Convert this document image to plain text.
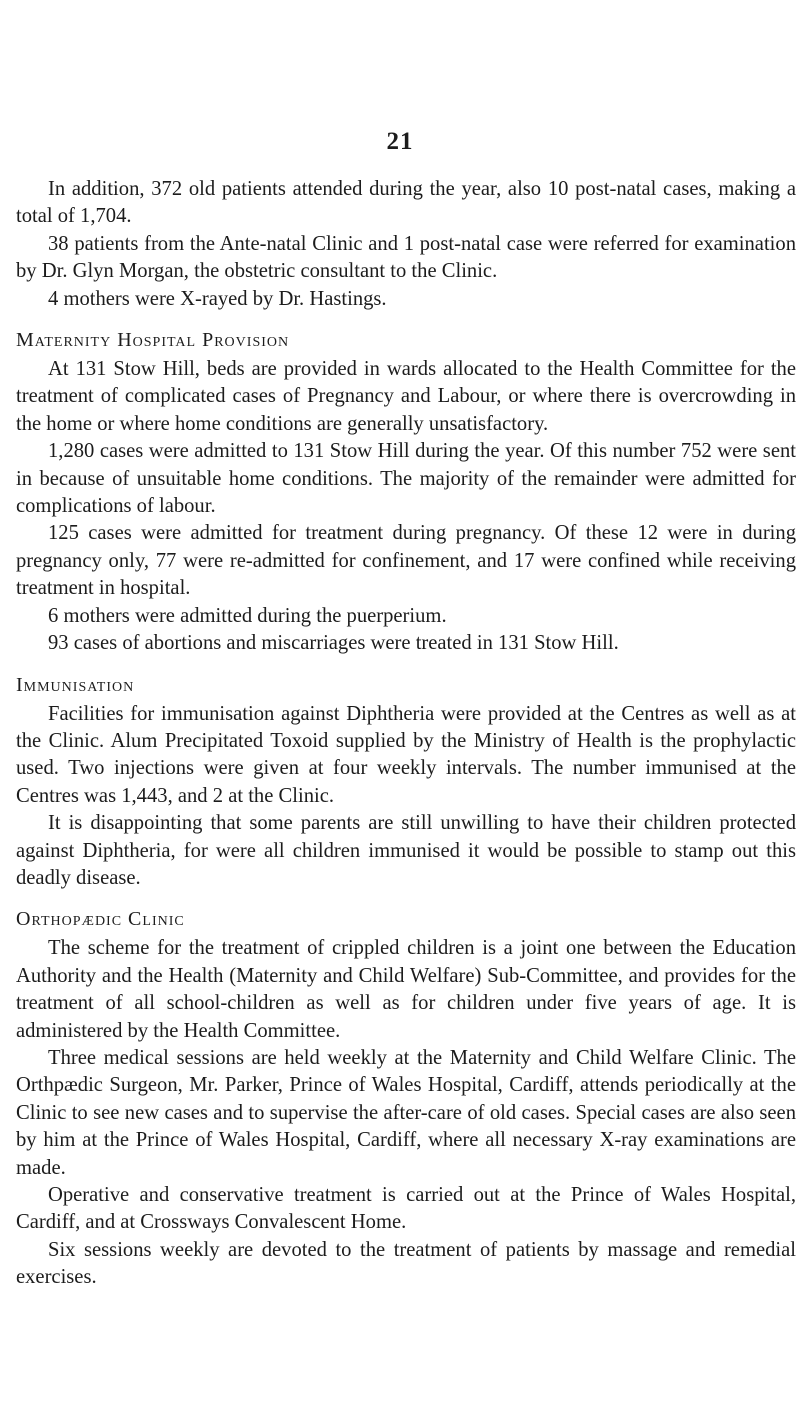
21

In addition, 372 old patients attended during the year, also 10 post-natal cases, making a total of 1,704.

38 patients from the Ante-natal Clinic and 1 post-natal case were referred for examination by Dr. Glyn Morgan, the obstetric consultant to the Clinic.

4 mothers were X-rayed by Dr. Hastings.

Maternity Hospital Provision

At 131 Stow Hill, beds are provided in wards allocated to the Health Committee for the treatment of complicated cases of Pregnancy and Labour, or where there is overcrowding in the home or where home conditions are generally unsatisfactory.

1,280 cases were admitted to 131 Stow Hill during the year. Of this number 752 were sent in because of unsuitable home conditions. The majority of the remainder were admitted for complications of labour.

125 cases were admitted for treatment during pregnancy. Of these 12 were in during pregnancy only, 77 were re-admitted for confinement, and 17 were confined while receiving treatment in hospital.

6 mothers were admitted during the puerperium.

93 cases of abortions and miscarriages were treated in 131 Stow Hill.

Immunisation

Facilities for immunisation against Diphtheria were provided at the Centres as well as at the Clinic. Alum Precipitated Toxoid supplied by the Ministry of Health is the prophylactic used. Two injections were given at four weekly intervals. The number immunised at the Centres was 1,443, and 2 at the Clinic.

It is disappointing that some parents are still unwilling to have their children protected against Diphtheria, for were all children immunised it would be possible to stamp out this deadly disease.

Orthopædic Clinic

The scheme for the treatment of crippled children is a joint one between the Education Authority and the Health (Maternity and Child Welfare) Sub-Committee, and provides for the treatment of all school-children as well as for children under five years of age. It is administered by the Health Committee.

Three medical sessions are held weekly at the Maternity and Child Welfare Clinic. The Orthpædic Surgeon, Mr. Parker, Prince of Wales Hospital, Cardiff, attends periodically at the Clinic to see new cases and to supervise the after-care of old cases. Special cases are also seen by him at the Prince of Wales Hospital, Cardiff, where all necessary X-ray examinations are made.

Operative and conservative treatment is carried out at the Prince of Wales Hospital, Cardiff, and at Crossways Convalescent Home.

Six sessions weekly are devoted to the treatment of patients by massage and remedial exercises.
